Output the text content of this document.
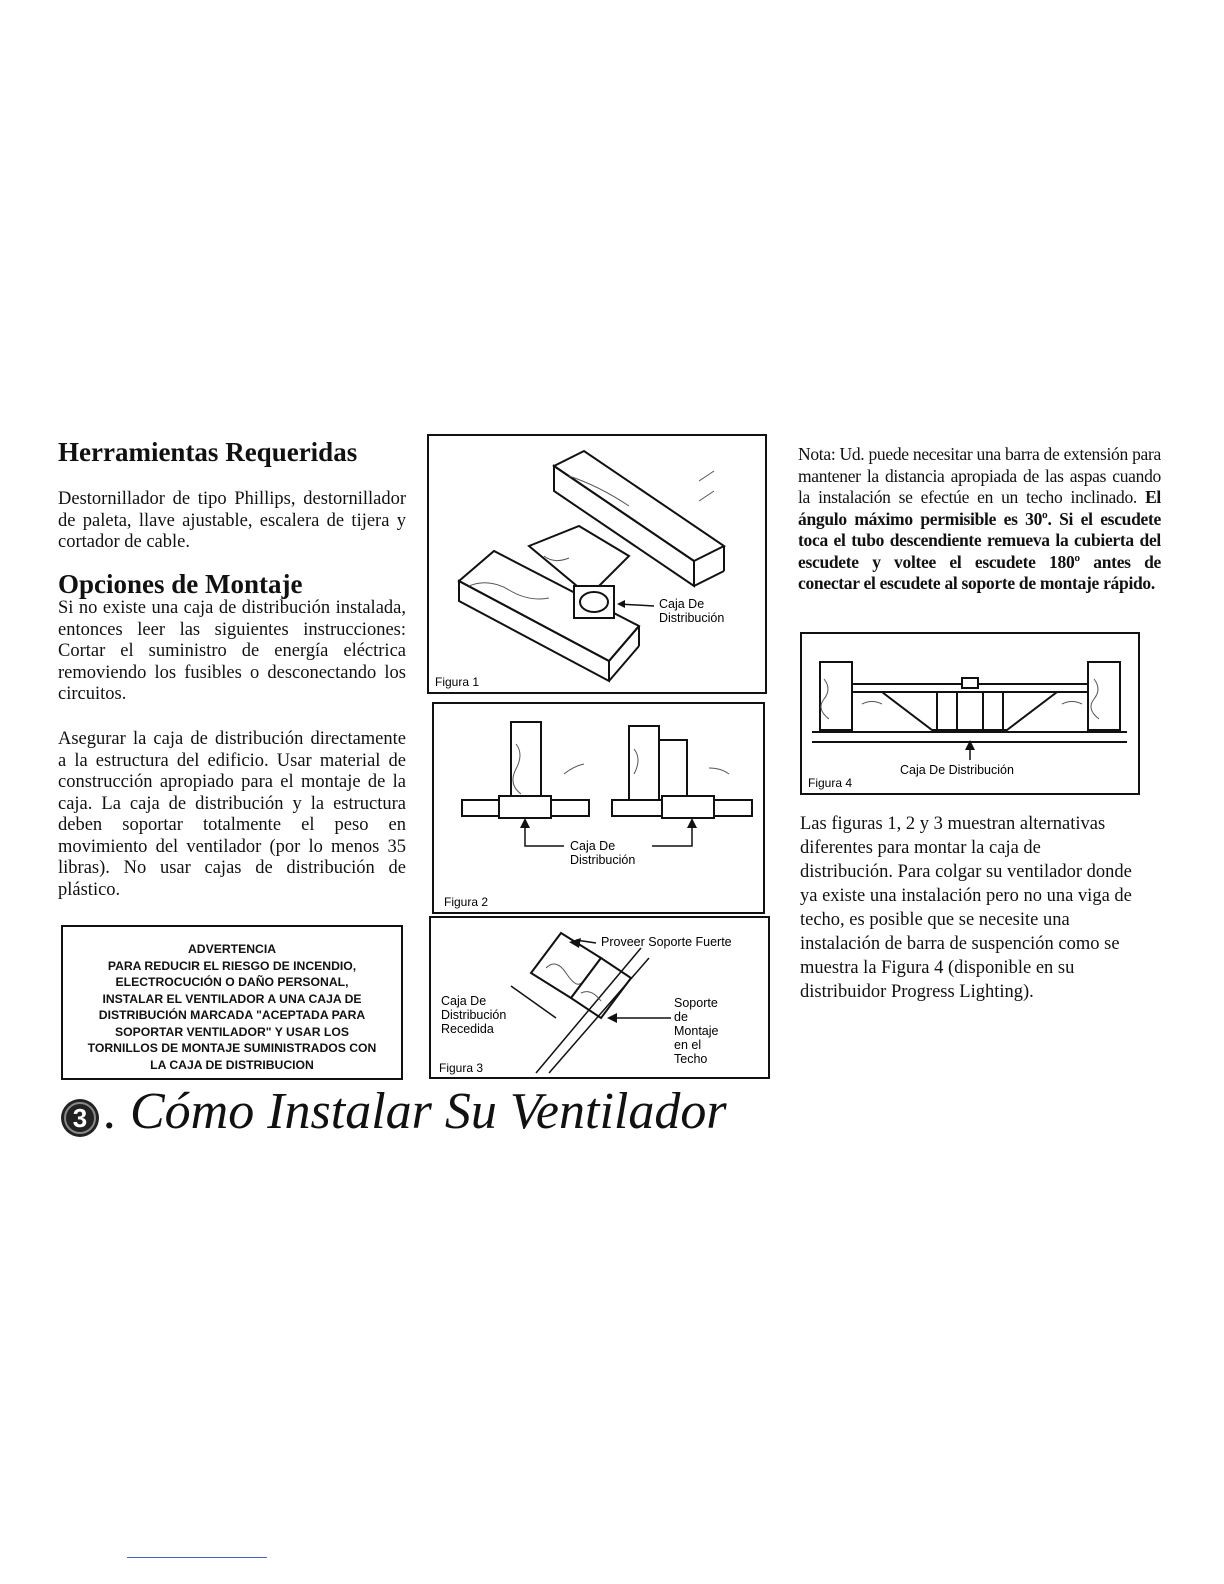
Herramientas Requeridas

Destornillador de tipo Phillips, destornillador de paleta, llave ajustable, escalera de tijera y cortador de cable.

Opciones de Montaje

Si no existe una caja de distribución instalada, entonces leer las siguientes instrucciones: Cortar el suministro de energía eléctrica removiendo los fusibles o desconectando los circuitos.

Asegurar la caja de distribución directamente a la estructura del edificio. Usar material de construcción apropiado para el montaje de la caja. La caja de distribución y la estructura deben soportar totalmente el peso en movimiento del ventilador (por lo menos 35 libras). No usar cajas de distribución de plástico.

ADVERTENCIA
PARA REDUCIR EL RIESGO DE INCENDIO,
ELECTROCUCIÓN O DAÑO PERSONAL,
INSTALAR EL VENTILADOR A UNA CAJA DE
DISTRIBUCIÓN MARCADA "ACEPTADA PARA
SOPORTAR VENTILADOR" Y USAR LOS
TORNILLOS DE MONTAJE SUMINISTRADOS CON
LA CAJA DE DISTRIBUCION
Caja De
Distribución
Figura 1
Caja De
Distribución
Figura 2
Proveer Soporte Fuerte
Caja De
Distribución
Recedida
Soporte
de
Montaje
en el
Techo
Figura 3

Nota: Ud. puede necesitar una barra de extensión para mantener la distancia apropiada de las aspas cuando la instalación se efectúe en un techo inclinado. El ángulo máximo permisible es 30º. Si el escudete toca el tubo descendiente remueva la cubierta del escudete y voltee el escudete 180º antes de conectar el escudete al soporte de montaje rápido.

Caja De Distribución
Figura 4

Las figuras 1, 2 y 3 muestran alternativas diferentes para montar la caja de distribución. Para colgar su ventilador donde ya existe una instalación pero no una viga de techo, es posible que se necesite una instalación de barra de suspención como se muestra la Figura 4 (disponible en su distribuidor Progress Lighting).

3 . Cómo Instalar Su Ventilador
